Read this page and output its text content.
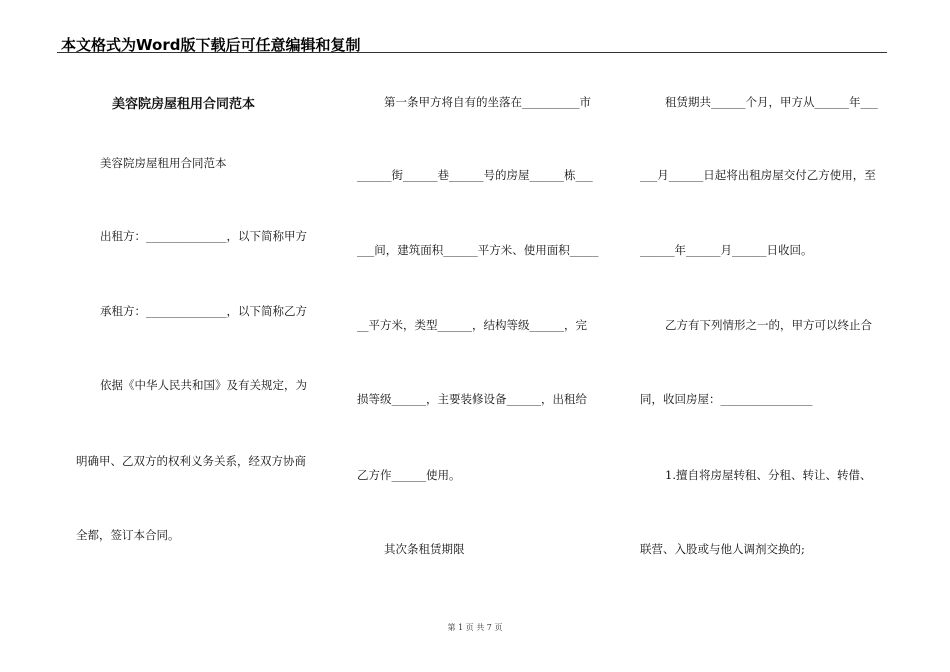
本文格式为Word版下载后可任意编辑和复制
美容院房屋租用合同范本
美容院房屋租用合同范本
出租方：______________，以下简称甲方
承租方：______________，以下简称乙方
依据《中华人民共和国》及有关规定，为
明确甲、乙双方的权利义务关系，经双方协商
全都，签订本合同。
第一条甲方将自有的坐落在__________市
______街______巷______号的房屋______栋___
___间，建筑面积______平方米、使用面积_____
__平方米，类型______，结构等级______，完
损等级______，主要装修设备______，出租给
乙方作______使用。
其次条租赁期限
租赁期共______个月，甲方从______年___
___月______日起将出租房屋交付乙方使用，至
______年______月______日收回。
乙方有下列情形之一的，甲方可以终止合
同，收回房屋：________________
1.擅自将房屋转租、分租、转让、转借、
联营、入股或与他人调剂交换的;
第 1 页 共 7 页
